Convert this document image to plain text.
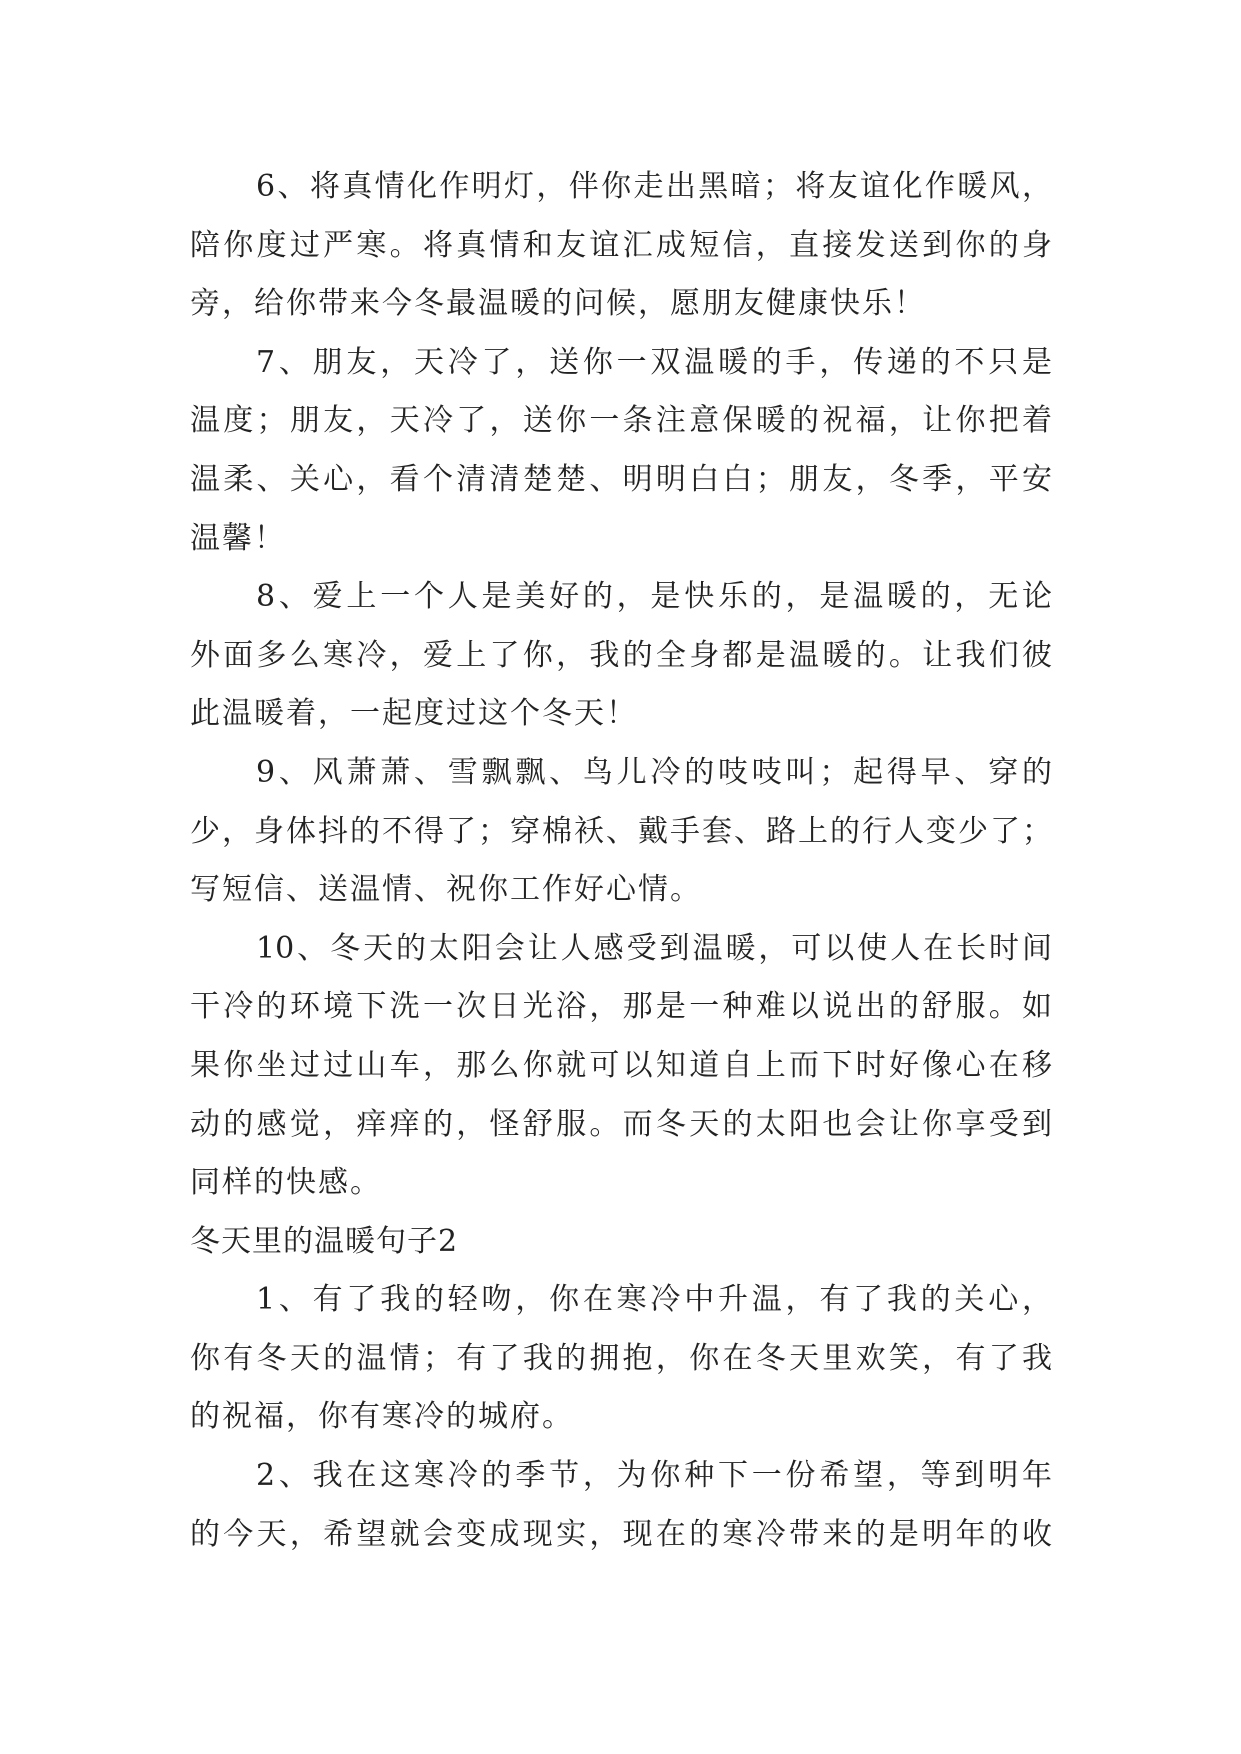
6、将真情化作明灯，伴你走出黑暗；将友谊化作暖风，
陪你度过严寒。将真情和友谊汇成短信，直接发送到你的身
旁，给你带来今冬最温暖的问候，愿朋友健康快乐！
7、朋友，天冷了，送你一双温暖的手，传递的不只是
温度；朋友，天冷了，送你一条注意保暖的祝福，让你把着
温柔、关心，看个清清楚楚、明明白白；朋友，冬季，平安
温馨！
8、爱上一个人是美好的，是快乐的，是温暖的，无论
外面多么寒冷，爱上了你，我的全身都是温暖的。让我们彼
此温暖着，一起度过这个冬天！
9、风萧萧、雪飘飘、鸟儿冷的吱吱叫；起得早、穿的
少，身体抖的不得了；穿棉袄、戴手套、路上的行人变少了；
写短信、送温情、祝你工作好心情。
10、冬天的太阳会让人感受到温暖，可以使人在长时间
干冷的环境下洗一次日光浴，那是一种难以说出的舒服。如
果你坐过过山车，那么你就可以知道自上而下时好像心在移
动的感觉，痒痒的，怪舒服。而冬天的太阳也会让你享受到
同样的快感。
冬天里的温暖句子2
1、有了我的轻吻，你在寒冷中升温，有了我的关心，
你有冬天的温情；有了我的拥抱，你在冬天里欢笑，有了我
的祝福，你有寒冷的城府。
2、我在这寒冷的季节，为你种下一份希望，等到明年
的今天，希望就会变成现实，现在的寒冷带来的是明年的收
